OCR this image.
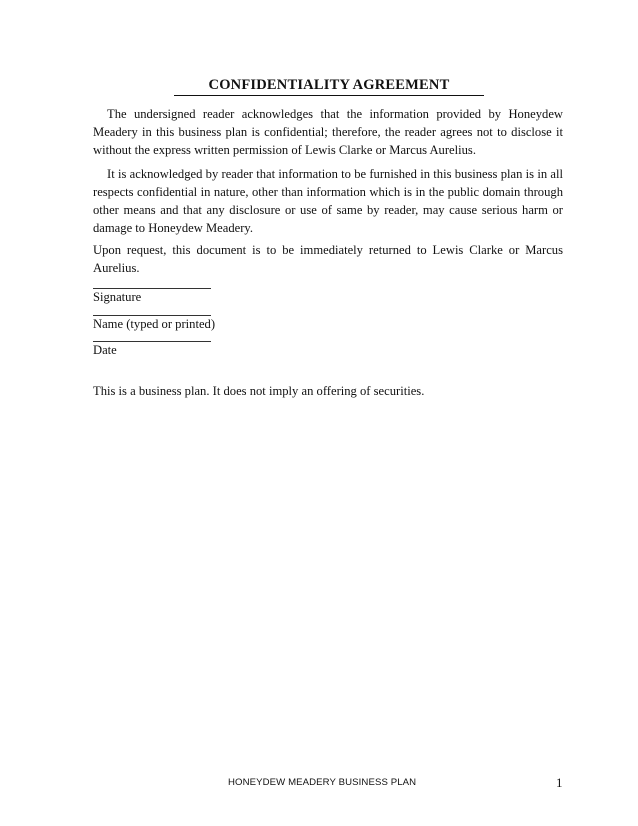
CONFIDENTIALITY AGREEMENT

The undersigned reader acknowledges that the information provided by Honeydew Meadery in this business plan is confidential; therefore, the reader agrees not to disclose it without the express written permission of Lewis Clarke or Marcus Aurelius.

It is acknowledged by reader that information to be furnished in this business plan is in all respects confidential in nature, other than information which is in the public domain through other means and that any disclosure or use of same by reader, may cause serious harm or damage to Honeydew Meadery.

Upon request, this document is to be immediately returned to Lewis Clarke or Marcus Aurelius.

Signature
Name (typed or printed)
Date

This is a business plan. It does not imply an offering of securities.

HONEYDEW MEADERY BUSINESS PLAN	1
